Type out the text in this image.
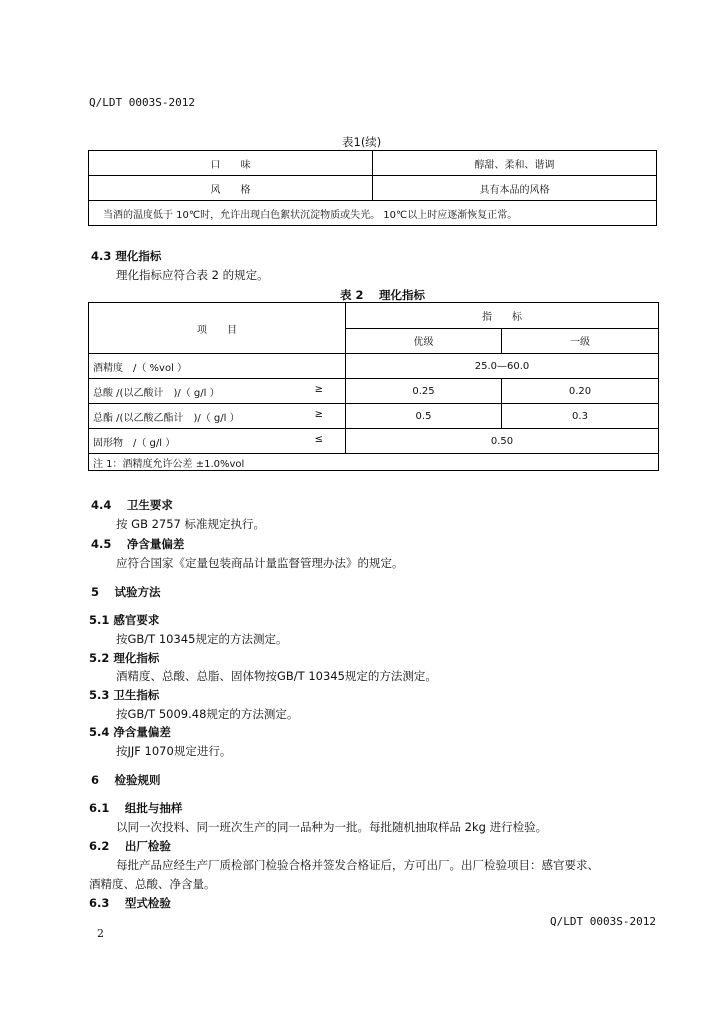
Q/LDT 0003S-2012
表1(续)
口　　味	醇甜、柔和、谐调
风　　格	具有本品的风格
当酒的温度低于 10℃时，允许出现白色絮状沉淀物质或失光。 10℃以上时应逐渐恢复正常。	
4.3 理化指标
理化指标应符合表 2 的规定。
表 2　 理化指标
项　　目	指　　标	
	优级	一级
酒精度　/（ %vol ）	25.0—60.0	
总酸 /(以乙酸计　)/（ g/l ） ≥	0.25	0.20
总酯 /(以乙酸乙酯计　)/（ g/l ） ≥	0.5	0.3
固形物　/（ g/l ） ≤	0.50	
注 1：酒精度允许公差 ±1.0%vol		
4.4　 卫生要求
按 GB 2757 标准规定执行。
4.5　 净含量偏差
应符合国家《定量包装商品计量监督管理办法》的规定。
5　 试验方法
5.1 感官要求
按GB/T 10345规定的方法测定。
5.2 理化指标
酒精度、总酸、总脂、固体物按GB/T 10345规定的方法测定。
5.3 卫生指标
按GB/T 5009.48规定的方法测定。
5.4 净含量偏差
按JJF 1070规定进行。
6　 检验规则
6.1　 组批与抽样
以同一次投料、同一班次生产的同一品种为一批。每批随机抽取样品 2kg 进行检验。
6.2　 出厂检验
每批产品应经生产厂质检部门检验合格并签发合格证后，方可出厂。出厂检验项目：感官要求、
酒精度、总酸、净含量。
6.3　 型式检验
Q/LDT 0003S-2012
2
